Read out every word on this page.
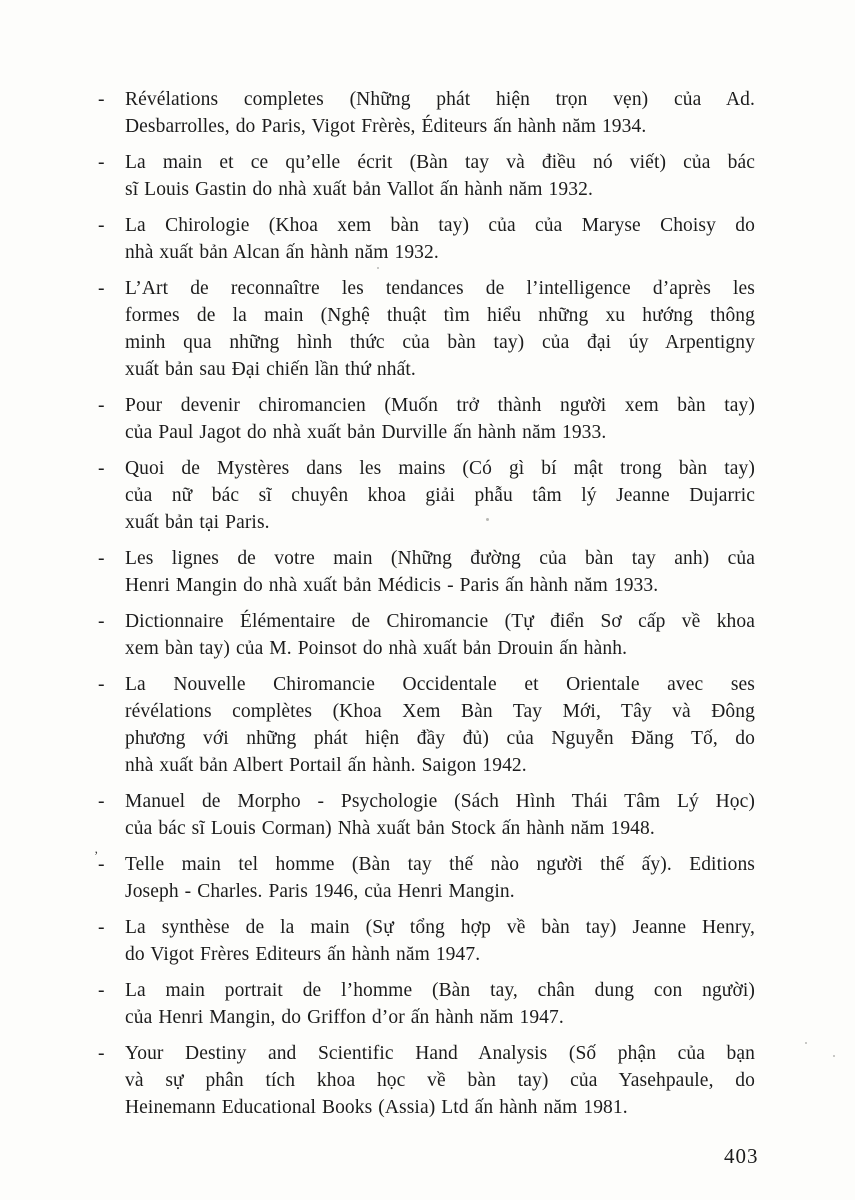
-	Révélations completes (Những phát hiện trọn vẹn) của Ad.
Desbarrolles, do Paris, Vigot Frèrès, Éditeurs ấn hành năm 1934.
-	La main et ce qu’elle écrit (Bàn tay và điều nó viết) của bác
sĩ Louis Gastin do nhà xuất bản Vallot ấn hành năm 1932.
-	La Chirologie (Khoa xem bàn tay) của của Maryse Choisy do
nhà xuất bản Alcan ấn hành năm 1932.
-	L’Art de reconnaître les tendances de l’intelligence d’après les
formes de la main (Nghệ thuật tìm hiểu những xu hướng thông
minh qua những hình thức của bàn tay) của đại úy Arpentigny
xuất bản sau Đại chiến lần thứ nhất.
-	Pour devenir chiromancien (Muốn trở thành người xem bàn tay)
của Paul Jagot do nhà xuất bản Durville ấn hành năm 1933.
-	Quoi de Mystères dans les mains (Có gì bí mật trong bàn tay)
của nữ bác sĩ chuyên khoa giải phẫu tâm lý Jeanne Dujarric
xuất bản tại Paris.
-	Les lignes de votre main (Những đường của bàn tay anh) của
Henri Mangin do nhà xuất bản Médicis - Paris ấn hành năm 1933.
-	Dictionnaire Élémentaire de Chiromancie (Tự điển Sơ cấp về khoa
xem bàn tay) của M. Poinsot do nhà xuất bản Drouin ấn hành.
-	La Nouvelle Chiromancie Occidentale et Orientale avec ses
révélations complètes (Khoa Xem Bàn Tay Mới, Tây và Đông
phương với những phát hiện đầy đủ) của Nguyễn Đăng Tố, do
nhà xuất bản Albert Portail ấn hành. Saigon 1942.
-	Manuel de Morpho - Psychologie (Sách Hình Thái Tâm Lý Học)
của bác sĩ Louis Corman) Nhà xuất bản Stock ấn hành năm 1948.
’ -	Telle main tel homme (Bàn tay thế nào người thế ấy). Editions
Joseph - Charles. Paris 1946, của Henri Mangin.
-	La synthèse de la main (Sự tổng hợp về bàn tay) Jeanne Henry,
do Vigot Frères Editeurs ấn hành năm 1947.
-	La main portrait de l’homme (Bàn tay, chân dung con người)
của Henri Mangin, do Griffon d’or ấn hành năm 1947.
-	Your Destiny and Scientific Hand Analysis (Số phận của bạn
và sự phân tích khoa học về bàn tay) của Yasehpaule, do
Heinemann Educational Books (Assia) Ltd ấn hành năm 1981.
403
